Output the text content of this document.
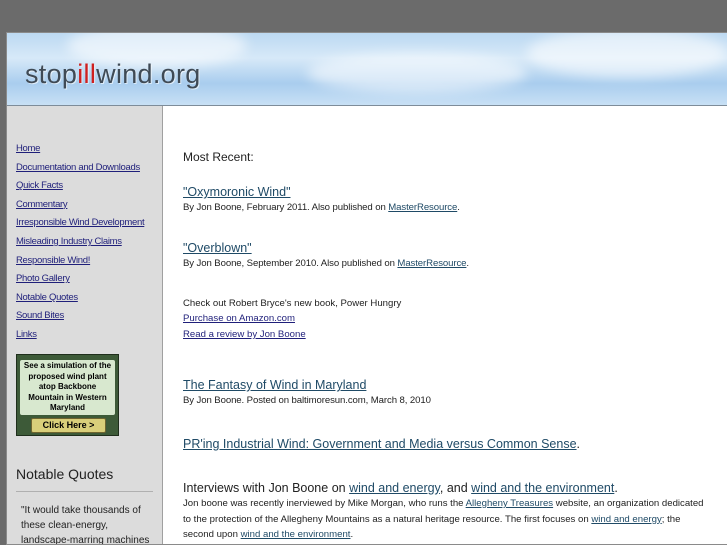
stopillwind.org
Home
Documentation and Downloads
Quick Facts
Commentary
Irresponsible Wind Development
Misleading Industry Claims
Responsible Wind!
Photo Gallery
Notable Quotes
Sound Bites
Links
See a simulation of the proposed wind plant atop Backbone Mountain in Western Maryland
Click Here >
Notable Quotes
"It would take thousands of these clean-energy, landscape-marring machines
Most Recent:
"Oxymoronic Wind"
By Jon Boone, February 2011. Also published on MasterResource.
"Overblown"
By Jon Boone, September 2010. Also published on MasterResource.
Check out Robert Bryce's new book, Power Hungry
Purchase on Amazon.com
Read a review by Jon Boone
The Fantasy of Wind in Maryland
By Jon Boone. Posted on baltimoresun.com, March 8, 2010
PR'ing Industrial Wind: Government and Media versus Common Sense.
Interviews with Jon Boone on wind and energy, and wind and the environment.
Jon boone was recently inerviewed by Mike Morgan, who runs the Allegheny Treasures website, an organization dedicated to the protection of the Allegheny Mountains as a natural heritage resource. The first focuses on wind and energy; the second upon wind and the environment.
